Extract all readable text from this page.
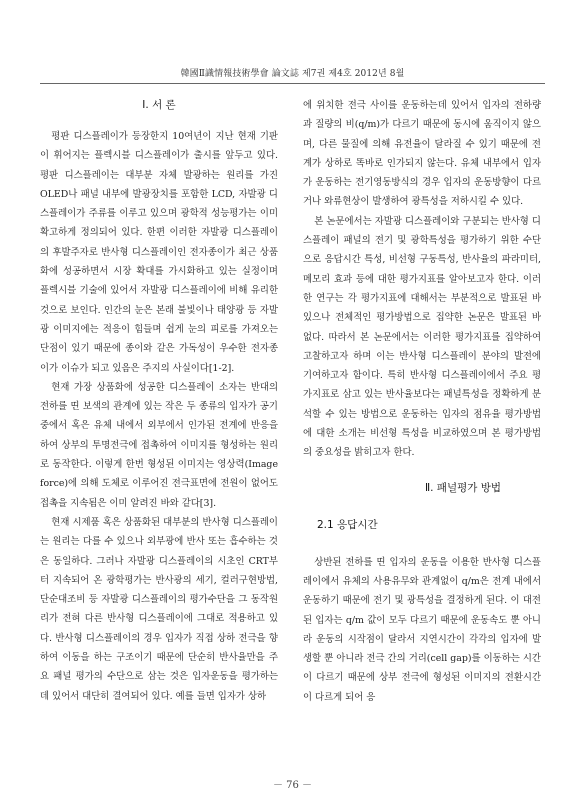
韓國Ⅱ識情報技術學會 論文誌 제7권 제4호 2012년 8월
Ⅰ. 서 론

평판 디스플레이가 등장한지 10여년이 지난 현재 기판이 휘어지는 플렉시블 디스플레이가 출시를 앞두고 있다. 평판 디스플레이는 대부분 자체 발광하는 원리를 가진 OLED나 패널 내부에 발광장치를 포함한 LCD, 자발광 디스플레이가 주류를 이루고 있으며 광학적 성능평가는 이미 확고하게 정의되어 있다. 한편 이러한 자발광 디스플레이의 후발주자로 반사형 디스플레이인 전자종이가 최근 상품화에 성공하면서 시장 확대를 가시화하고 있는 실정이며 플렉시블 기술에 있어서 자발광 디스플레이에 비해 유리한 것으로 보인다. 인간의 눈은 본래 불빛이나 태양광 등 자발광 이미지에는 적응이 힘들며 쉽게 눈의 피로를 가져오는 단점이 있기 때문에 종이와 같은 가독성이 우수한 전자종이가 이슈가 되고 있음은 주지의 사실이다[1-2].

현재 가장 상품화에 성공한 디스플레이 소자는 반대의 전하를 띤 보색의 관계에 있는 작은 두 종류의 입자가 공기 중에서 혹은 유체 내에서 외부에서 인가된 전계에 반응을 하여 상부의 투명전극에 접촉하여 이미지를 형성하는 원리로 동작한다. 이렇게 한번 형성된 이미지는 영상력(Image force)에 의해 도체로 이루어진 전극표면에 전원이 없어도 접촉을 지속됨은 이미 알려진 바와 같다[3].

현재 시제품 혹은 상품화된 대부분의 반사형 디스플레이는 원리는 다를 수 있으나 외부광에 반사 또는 흡수하는 것은 동일하다. 그러나 자발광 디스플레이의 시초인 CRT부터 지속되어 온 광학평가는 반사광의 세기, 컬러구현방법, 단순대조비 등 자발광 디스플레이의 평가수단을 그 동작원리가 전혀 다른 반사형 디스플레이에 그대로 적용하고 있다. 반사형 디스플레이의 경우 입자가 직접 상하 전극을 향하여 이동을 하는 구조이기 때문에 단순히 반사율만을 주요 패널 평가의 수단으로 삼는 것은 입자운동을 평가하는데 있어서 대단히 결여되어 있다. 예를 들면 입자가 상하

에 위치한 전극 사이를 운동하는데 있어서 입자의 전하량과 질량의 비(q/m)가 다르기 때문에 동시에 움직이지 않으며, 다른 물질에 의해 유전율이 달라질 수 있기 때문에 전계가 상하로 똑바로 인가되지 않는다. 유체 내부에서 입자가 운동하는 전기영동방식의 경우 입자의 운동방향이 다르거나 와류현상이 발생하여 광특성을 저하시킬 수 있다.

본 논문에서는 자발광 디스플레이와 구분되는 반사형 디스플레이 패널의 전기 및 광학특성을 평가하기 위한 수단으로 응답시간 특성, 비선형 구동특성, 반사율의 파라미터, 메모리 효과 등에 대한 평가지표를 알아보고자 한다. 이러한 연구는 각 평가지표에 대해서는 부분적으로 발표된 바 있으나 전체적인 평가방법으로 집약한 논문은 발표된 바 없다. 따라서 본 논문에서는 이러한 평가지표를 집약하여 고찰하고자 하며 이는 반사형 디스플레이 분야의 발전에 기여하고자 함이다. 특히 반사형 디스플레이에서 주요 평가지표로 삼고 있는 반사율보다는 패널특성을 정확하게 분석할 수 있는 방법으로 운동하는 입자의 점유율 평가방법에 대한 소개는 비선형 특성을 비교하였으며 본 평가방법의 중요성을 밝히고자 한다.

Ⅱ. 패널평가 방법
2.1 응답시간

상반된 전하를 띤 입자의 운동을 이용한 반사형 디스플레이에서 유체의 사용유무와 관계없이 q/m은 전계 내에서 운동하기 때문에 전기 및 광특성을 결정하게 된다. 이 대전된 입자는 q/m 값이 모두 다르기 때문에 운동속도 뿐 아니라 운동의 시작점이 달라서 지연시간이 각각의 입자에 발생할 뿐 아니라 전극 간의 거리(cell gap)를 이동하는 시간이 다르기 때문에 상부 전극에 형성된 이미지의 전환시간이 다르게 되어 응

－ 76 －
